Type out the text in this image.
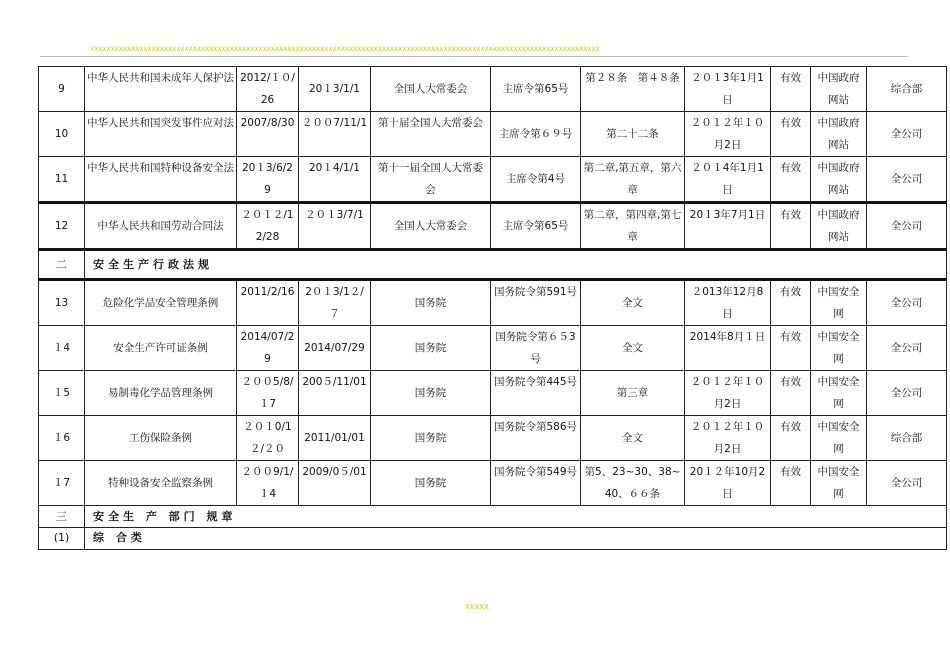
XXXXXXXXXXXXXXXXXXXXXXXXXXXXXXXXXXXXXXXXXXXXXXXXXXXXXXXXXXXXXXXXXXXXXXXXXXXXXXXXXXXXXXXXXXXXXXXXXXXXXXXXXXXXXXXXXXXXXXXXXXXX
9	中华人民共和国未成年人保护法	2012/１０/26	20１3/1/1	全国人大常委会	主席令第65号	第２８条　第４８条	２０１3年1月1日	有效	中国政府网站	综合部
10	中华人民共和国突发事件应对法	2007/8/30	２００7/11/1	第十届全国人大常委会	主席令第６９号	第二十二条	２０１２年１０月2日	有效	中国政府网站	全公司
11	中华人民共和国特种设备安全法	20１3/6/29	20１4/1/1	第十一届全国人大常委会	主席令第4号	第二章,第五章，第六章	２０１4年1月1日	有效	中国政府网站	全公司
12	中华人民共和国劳动合同法	２０１２/12/28	２０１3/7/1	全国人大常委会	主席令第65号	第二章，第四章,第七章	20１3年7月1日	有效	中国政府网站	全公司
二	安全生产行政法规									
13	危险化学品安全管理条例	2011/2/16	2０１3/1２/７	国务院	国务院令第591号	全文	２013年12月8日	有效	中国安全网	全公司
１4	安全生产许可证条例	2014/07/29	2014/07/29	国务院	国务院令第６５3号	全文	2014年8月１日	有效	中国安全网	全公司
１5	易制毒化学品管理条例	２００5/8/１7	200５/11/01	国务院	国务院令第445号	第三章	２０１２年１０月2日	有效	中国安全网	全公司
１6	工伤保险条例	２０１0/1２/２０	2011/01/01	国务院	国务院令第586号	全文	２０１２年１０月2日	有效	中国安全网	综合部
１7	特种设备安全监察条例	２００9/1/１4	2009/0５/01	国务院	国务院令第549号	第5、23~30、38~40、６６条	20１２年10月2日	有效	中国安全网	全公司
三	安全生 产 部门 规章									
(1)	综 合类									
XXXXX
